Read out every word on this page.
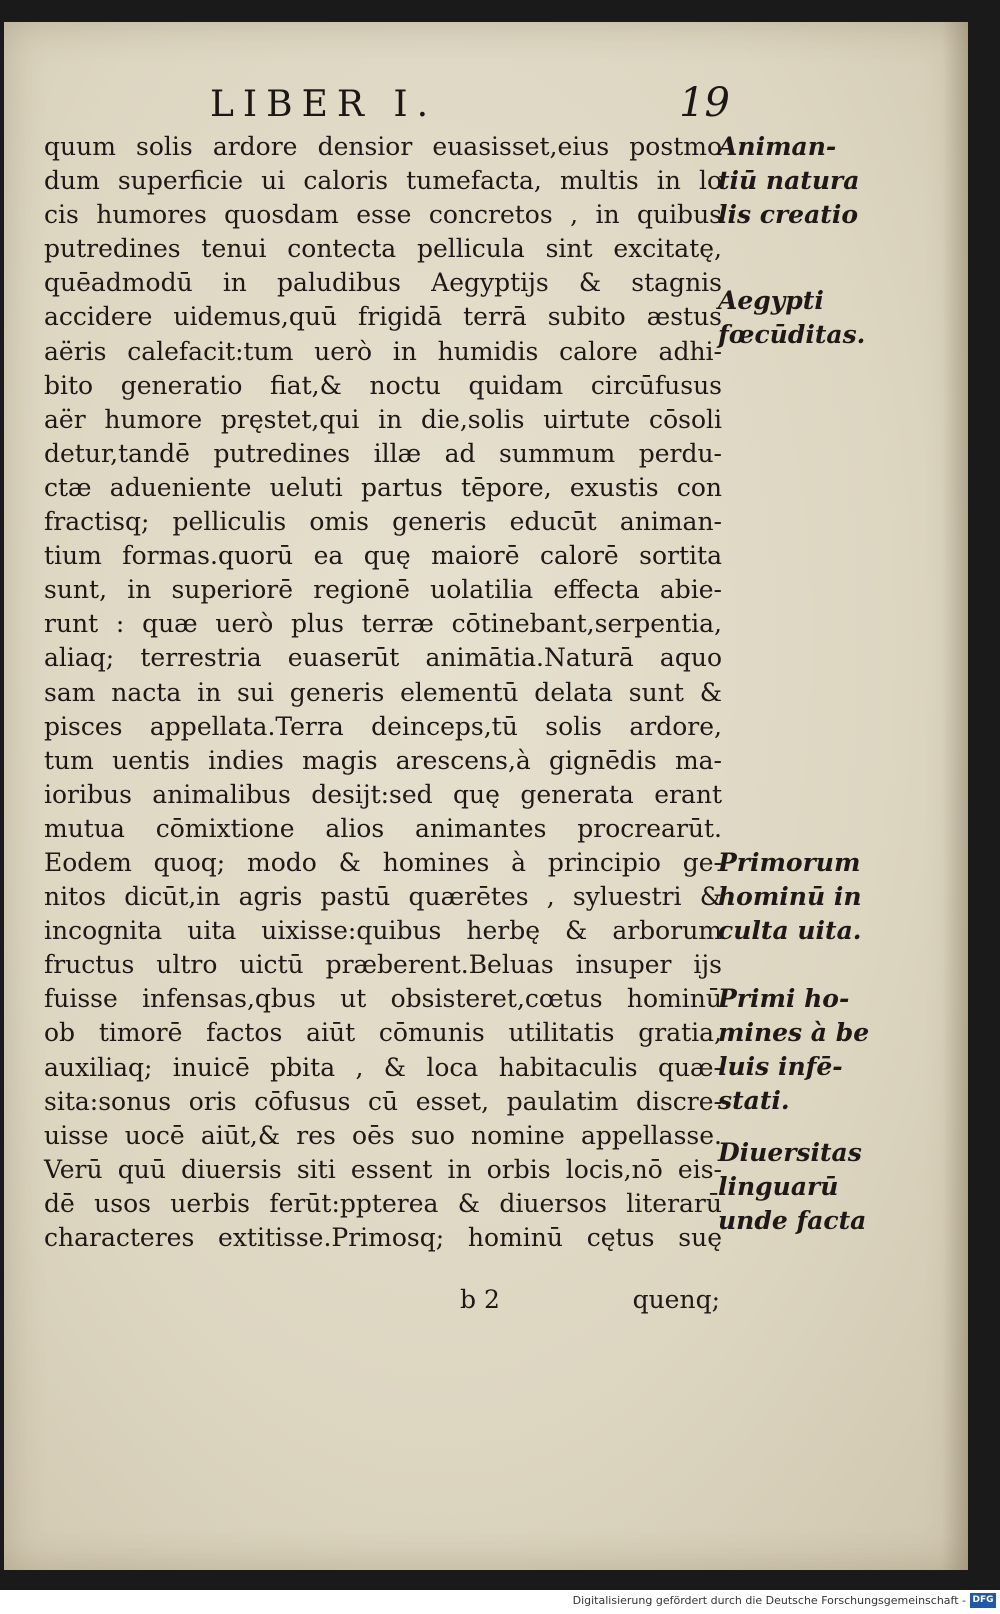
LIBER I.	19
quum solis ardore densior euasisset,eius postmo
dum superficie ui caloris tumefacta, multis in lo
cis humores quosdam esse concretos , in quibus
putredines tenui contecta pellicula sint excitatę,
quēadmodū in paludibus Aegyptijs & stagnis
accidere uidemus,quū frigidā terrā subito æstus
aëris calefacit:tum uerò in humidis calore adhi-
bito generatio fiat,& noctu quidam circūfusus
aër humore pręstet,qui in die,solis uirtute cōsoli
detur,tandē putredines illæ ad summum perdu-
ctæ adueniente ueluti partus tēpore, exustis con
fractisq; pelliculis omis generis educūt animan-
tium formas.quorū ea quę maiorē calorē sortita
sunt, in superiorē regionē uolatilia effecta abie-
runt : quæ uerò plus terræ cōtinebant,serpentia,
aliaq; terrestria euaserūt animātia.Naturā aquo
sam nacta in sui generis elementū delata sunt &
pisces appellata.Terra deinceps,tū solis ardore,
tum uentis indies magis arescens,à gignēdis ma-
ioribus animalibus desijt:sed quę generata erant
mutua cōmixtione alios animantes procrearūt.
Eodem quoq; modo & homines à principio ge-
nitos dicūt,in agris pastū quærētes , syluestri &
incognita uita uixisse:quibus herbę & arborum
fructus ultro uictū præberent.Beluas insuper ijs
fuisse infensas,qbus ut obsisteret,cœtus hominū
ob timorē factos aiūt cōmunis utilitatis gratia,
auxiliaq; inuicē pbita , & loca habitaculis quæ-
sita:sonus oris cōfusus cū esset, paulatim discre-
uisse uocē aiūt,& res oēs suo nomine appellasse.
Verū quū diuersis siti essent in orbis locis,nō eis-
dē usos uerbis ferūt:pptereа & diuersos literarū
characteres extitisse.Primosq; hominū cętus suę
b 2	quenq;
Animan-
tiū natura
lis creatio
Aegypti
fœcūditas.
Primorum
hominū in
culta uita.
Primi ho-
mines à be
luis infē-
stati.
Diuersitas
linguarū
unde facta
Digitalisierung gefördert durch die Deutsche Forschungsgemeinschaft - DFG
